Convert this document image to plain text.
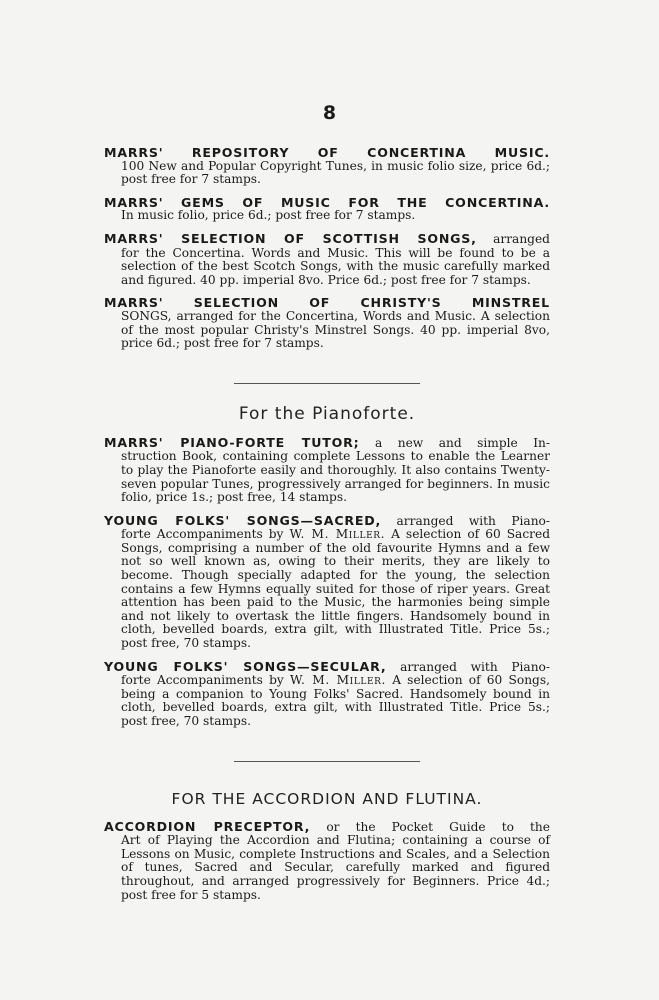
8
MARRS' REPOSITORY OF CONCERTINA MUSIC.
100 New and Popular Copyright Tunes, in music folio size, price 6d.; post free for 7 stamps.
MARRS' GEMS OF MUSIC FOR THE CONCERTINA.
In music folio, price 6d.; post free for 7 stamps.
MARRS' SELECTION OF SCOTTISH SONGS, arranged
for the Concertina. Words and Music. This will be found to be a selection of the best Scotch Songs, with the music carefully marked and figured. 40 pp. imperial 8vo. Price 6d.; post free for 7 stamps.
MARRS' SELECTION OF CHRISTY'S MINSTREL
SONGS, arranged for the Concertina, Words and Music. A selection of the most popular Christy's Minstrel Songs. 40 pp. imperial 8vo, price 6d.; post free for 7 stamps.
For the Pianoforte.
MARRS' PIANO-FORTE TUTOR; a new and simple In-
struction Book, containing complete Lessons to enable the Learner to play the Pianoforte easily and thoroughly. It also contains Twenty-seven popular Tunes, progressively arranged for beginners. In music folio, price 1s.; post free, 14 stamps.
YOUNG FOLKS' SONGS—SACRED, arranged with Piano-
forte Accompaniments by W. M. Miller. A selection of 60 Sacred Songs, comprising a number of the old favourite Hymns and a few not so well known as, owing to their merits, they are likely to become. Though specially adapted for the young, the selection contains a few Hymns equally suited for those of riper years. Great attention has been paid to the Music, the harmonies being simple and not likely to overtask the little fingers. Handsomely bound in cloth, bevelled boards, extra gilt, with Illustrated Title. Price 5s.; post free, 70 stamps.
YOUNG FOLKS' SONGS—SECULAR, arranged with Piano-
forte Accompaniments by W. M. Miller. A selection of 60 Songs, being a companion to Young Folks' Sacred. Handsomely bound in cloth, bevelled boards, extra gilt, with Illustrated Title. Price 5s.; post free, 70 stamps.
FOR THE ACCORDION AND FLUTINA.
ACCORDION PRECEPTOR, or the Pocket Guide to the
Art of Playing the Accordion and Flutina; containing a course of Lessons on Music, complete Instructions and Scales, and a Selection of tunes, Sacred and Secular, carefully marked and figured throughout, and arranged progressively for Beginners. Price 4d.; post free for 5 stamps.
